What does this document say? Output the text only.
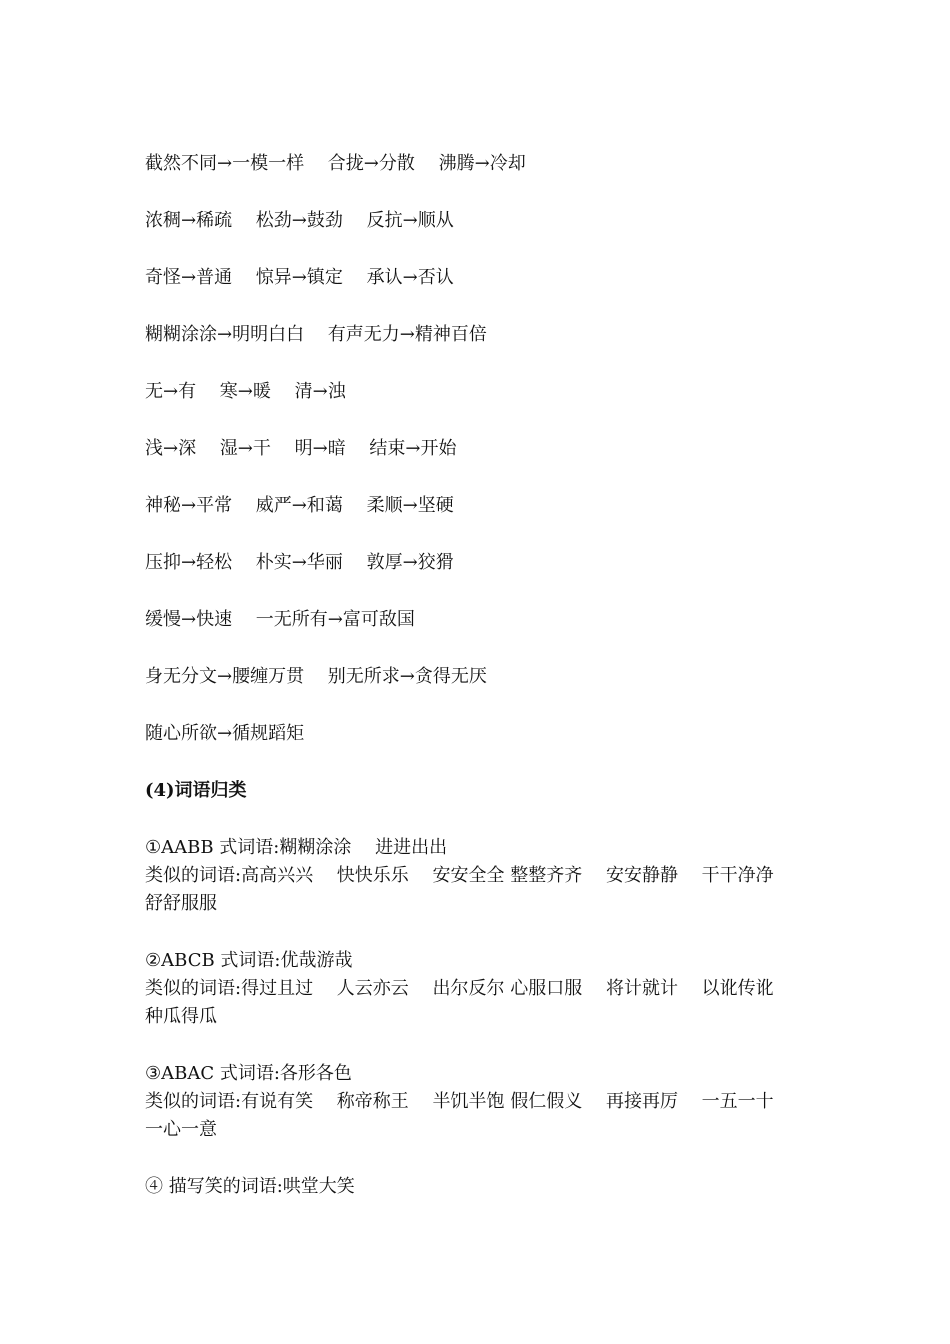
截然不同→一模一样　 合拢→分散　 沸腾→冷却

浓稠→稀疏　 松劲→鼓劲　 反抗→顺从

奇怪→普通　 惊异→镇定　 承认→否认

糊糊涂涂→明明白白　 有声无力→精神百倍

无→有　 寒→暖　 清→浊

浅→深　 湿→干　 明→暗　 结束→开始

神秘→平常　 威严→和蔼　 柔顺→坚硬

压抑→轻松　 朴实→华丽　 敦厚→狡猾

缓慢→快速　 一无所有→富可敌国

身无分文→腰缠万贯　 别无所求→贪得无厌

随心所欲→循规蹈矩

(4)词语归类

①AABB 式词语:糊糊涂涂　 进进出出

类似的词语:高高兴兴　 快快乐乐　 安安全全 整整齐齐　 安安静静　 干干净净

舒舒服服

②ABCB 式词语:优哉游哉

类似的词语:得过且过　 人云亦云　 出尔反尔 心服口服　 将计就计　 以讹传讹

种瓜得瓜

③ABAC 式词语:各形各色

类似的词语:有说有笑　 称帝称王　 半饥半饱 假仁假义　 再接再厉　 一五一十

一心一意

④ 描写笑的词语:哄堂大笑
